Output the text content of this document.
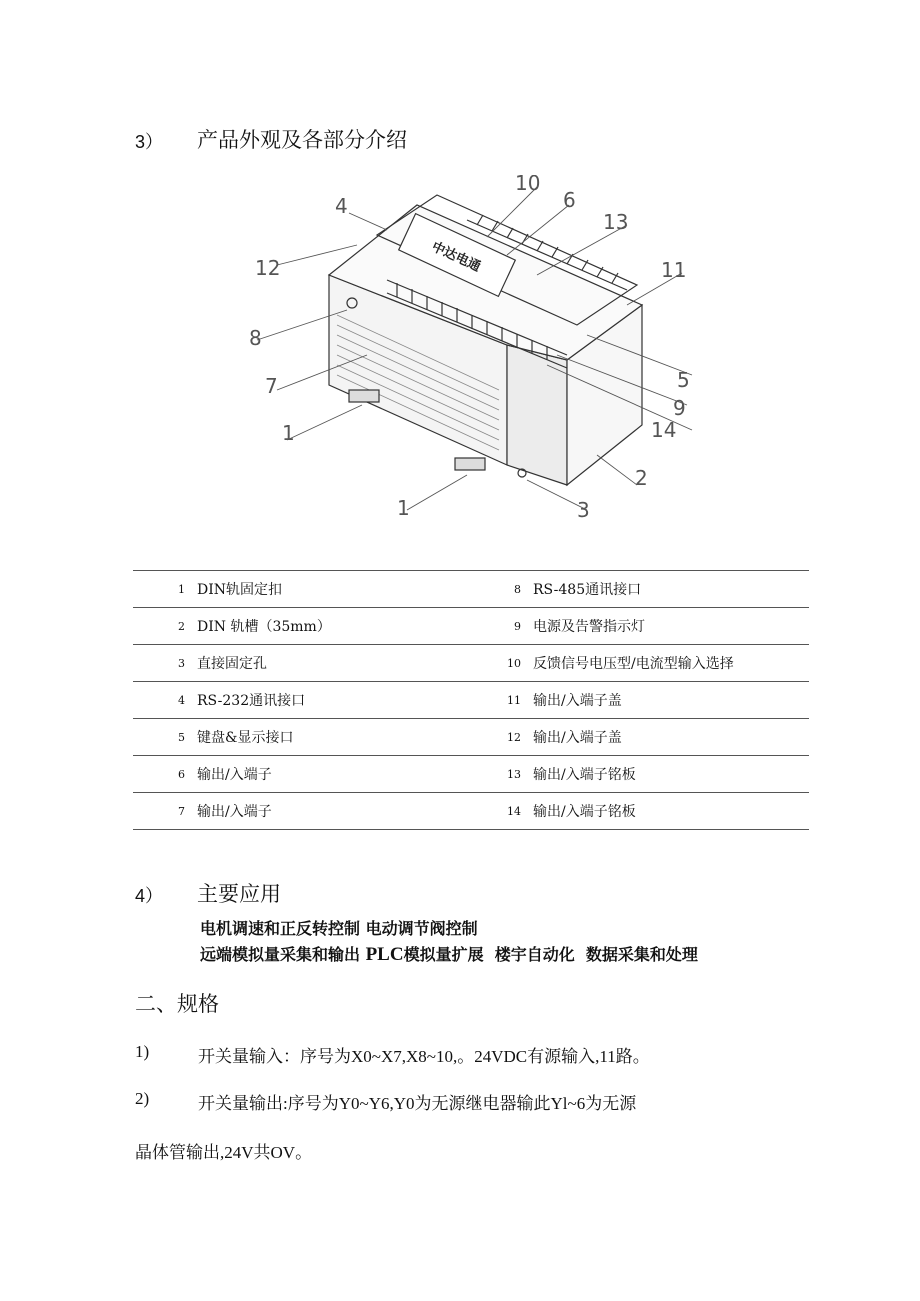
3） 产品外观及各部分介绍
中达电通
1
1
2
3
4
5
6
7
8
9
10
11
12
13
14
1	DIN轨固定扣	8	RS-485通讯接口
2	DIN 轨槽（35mm）	9	电源及告警指示灯
3	直接固定孔	10	反馈信号电压型/电流型输入选择
4	RS-232通讯接口	11	输出/入端子盖
5	键盘&显示接口	12	输出/入端子盖
6	输出/入端子	13	输出/入端子铭板
7	输出/入端子	14	输出/入端子铭板
4） 主要应用
电机调速和正反转控制 电动调节阀控制
远端模拟量采集和输出 PLC模拟量扩展  楼宇自动化  数据采集和处理
二、规格
1)	开关量输入：序号为X0~X7,X8~10,。24VDC有源输入,11路。
2)	开关量输出:序号为Y0~Y6,Y0为无源继电器输此Yl~6为无源
晶体管输出,24V共OV。
